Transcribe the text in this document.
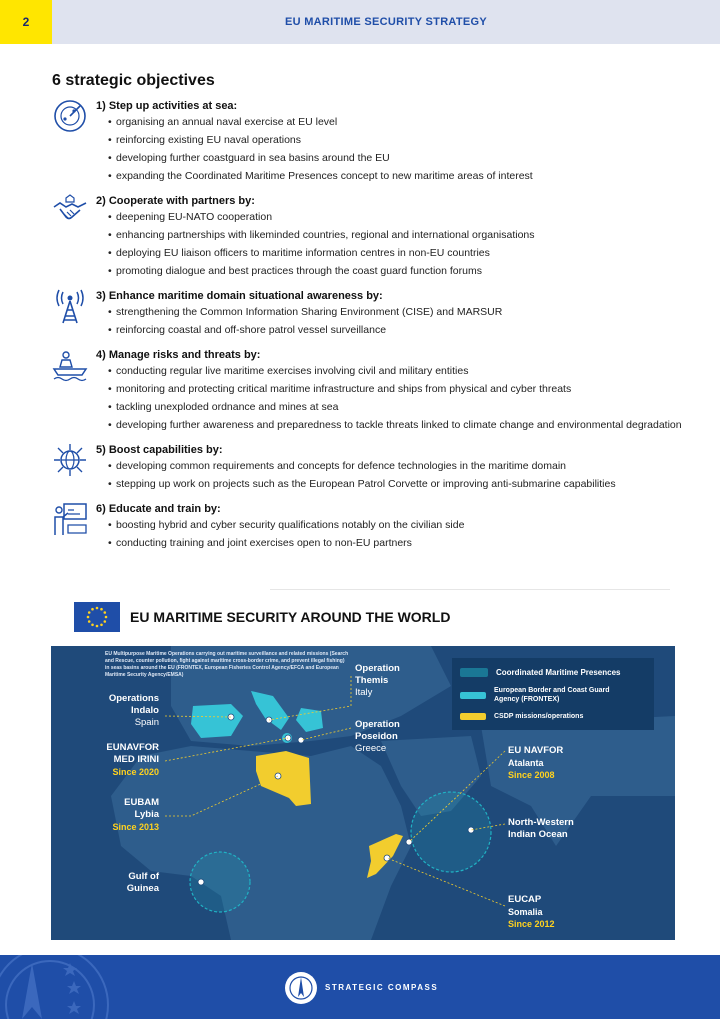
2	EU MARITIME SECURITY STRATEGY
6 strategic objectives
1) Step up activities at sea:
• organising an annual naval exercise at EU level
• reinforcing existing EU naval operations
• developing further coastguard in sea basins around the EU
• expanding the Coordinated Maritime Presences concept to new maritime areas of interest
2) Cooperate with partners by:
• deepening EU-NATO cooperation
• enhancing partnerships with likeminded countries, regional and international organisations
• deploying EU liaison officers to maritime information centres in non-EU countries
• promoting dialogue and best practices through the coast guard function forums
3) Enhance maritime domain situational awareness by:
• strengthening the Common Information Sharing Environment (CISE) and MARSUR
• reinforcing coastal and off-shore patrol vessel surveillance
4) Manage risks and threats by:
• conducting regular live maritime exercises involving civil and military entities
• monitoring and protecting critical maritime infrastructure and ships from physical and cyber threats
• tackling unexploded ordnance and mines at sea
• developing further awareness and preparedness to tackle threats linked to climate change and environmental degradation
5) Boost capabilities by:
• developing common requirements and concepts for defence technologies in the maritime domain
• stepping up work on projects such as the European Patrol Corvette or improving anti-submarine capabilities
6) Educate and train by:
• boosting hybrid and cyber security qualifications notably on the civilian side
• conducting training and joint exercises open to non-EU partners
EU MARITIME SECURITY AROUND THE WORLD
EU Multipurpose Maritime Operations carrying out maritime surveillance and related missions (Search and Rescue, counter pollution, fight against maritime cross-border crime, and prevent illegal fishing) in seas basins around the EU (FRONTEX, European Fisheries Control Agency/EFCA and European Maritime Security Agency/EMSA)	Coordinated Maritime Presences
European Border and Coast Guard Agency (FRONTEX)
CSDP missions/operations
Operations
Indalo
Spain
EUNAVFOR
MED IRINI
Since 2020
EUBAM
Lybia
Since 2013
Gulf of
Guinea
Operation
Themis
Italy
Operation
Poseidon
Greece	EU NAVFOR
Atalanta
Since 2008
North-Western
Indian Ocean
EUCAP
Somalia
Since 2012
STRATEGIC COMPASS
